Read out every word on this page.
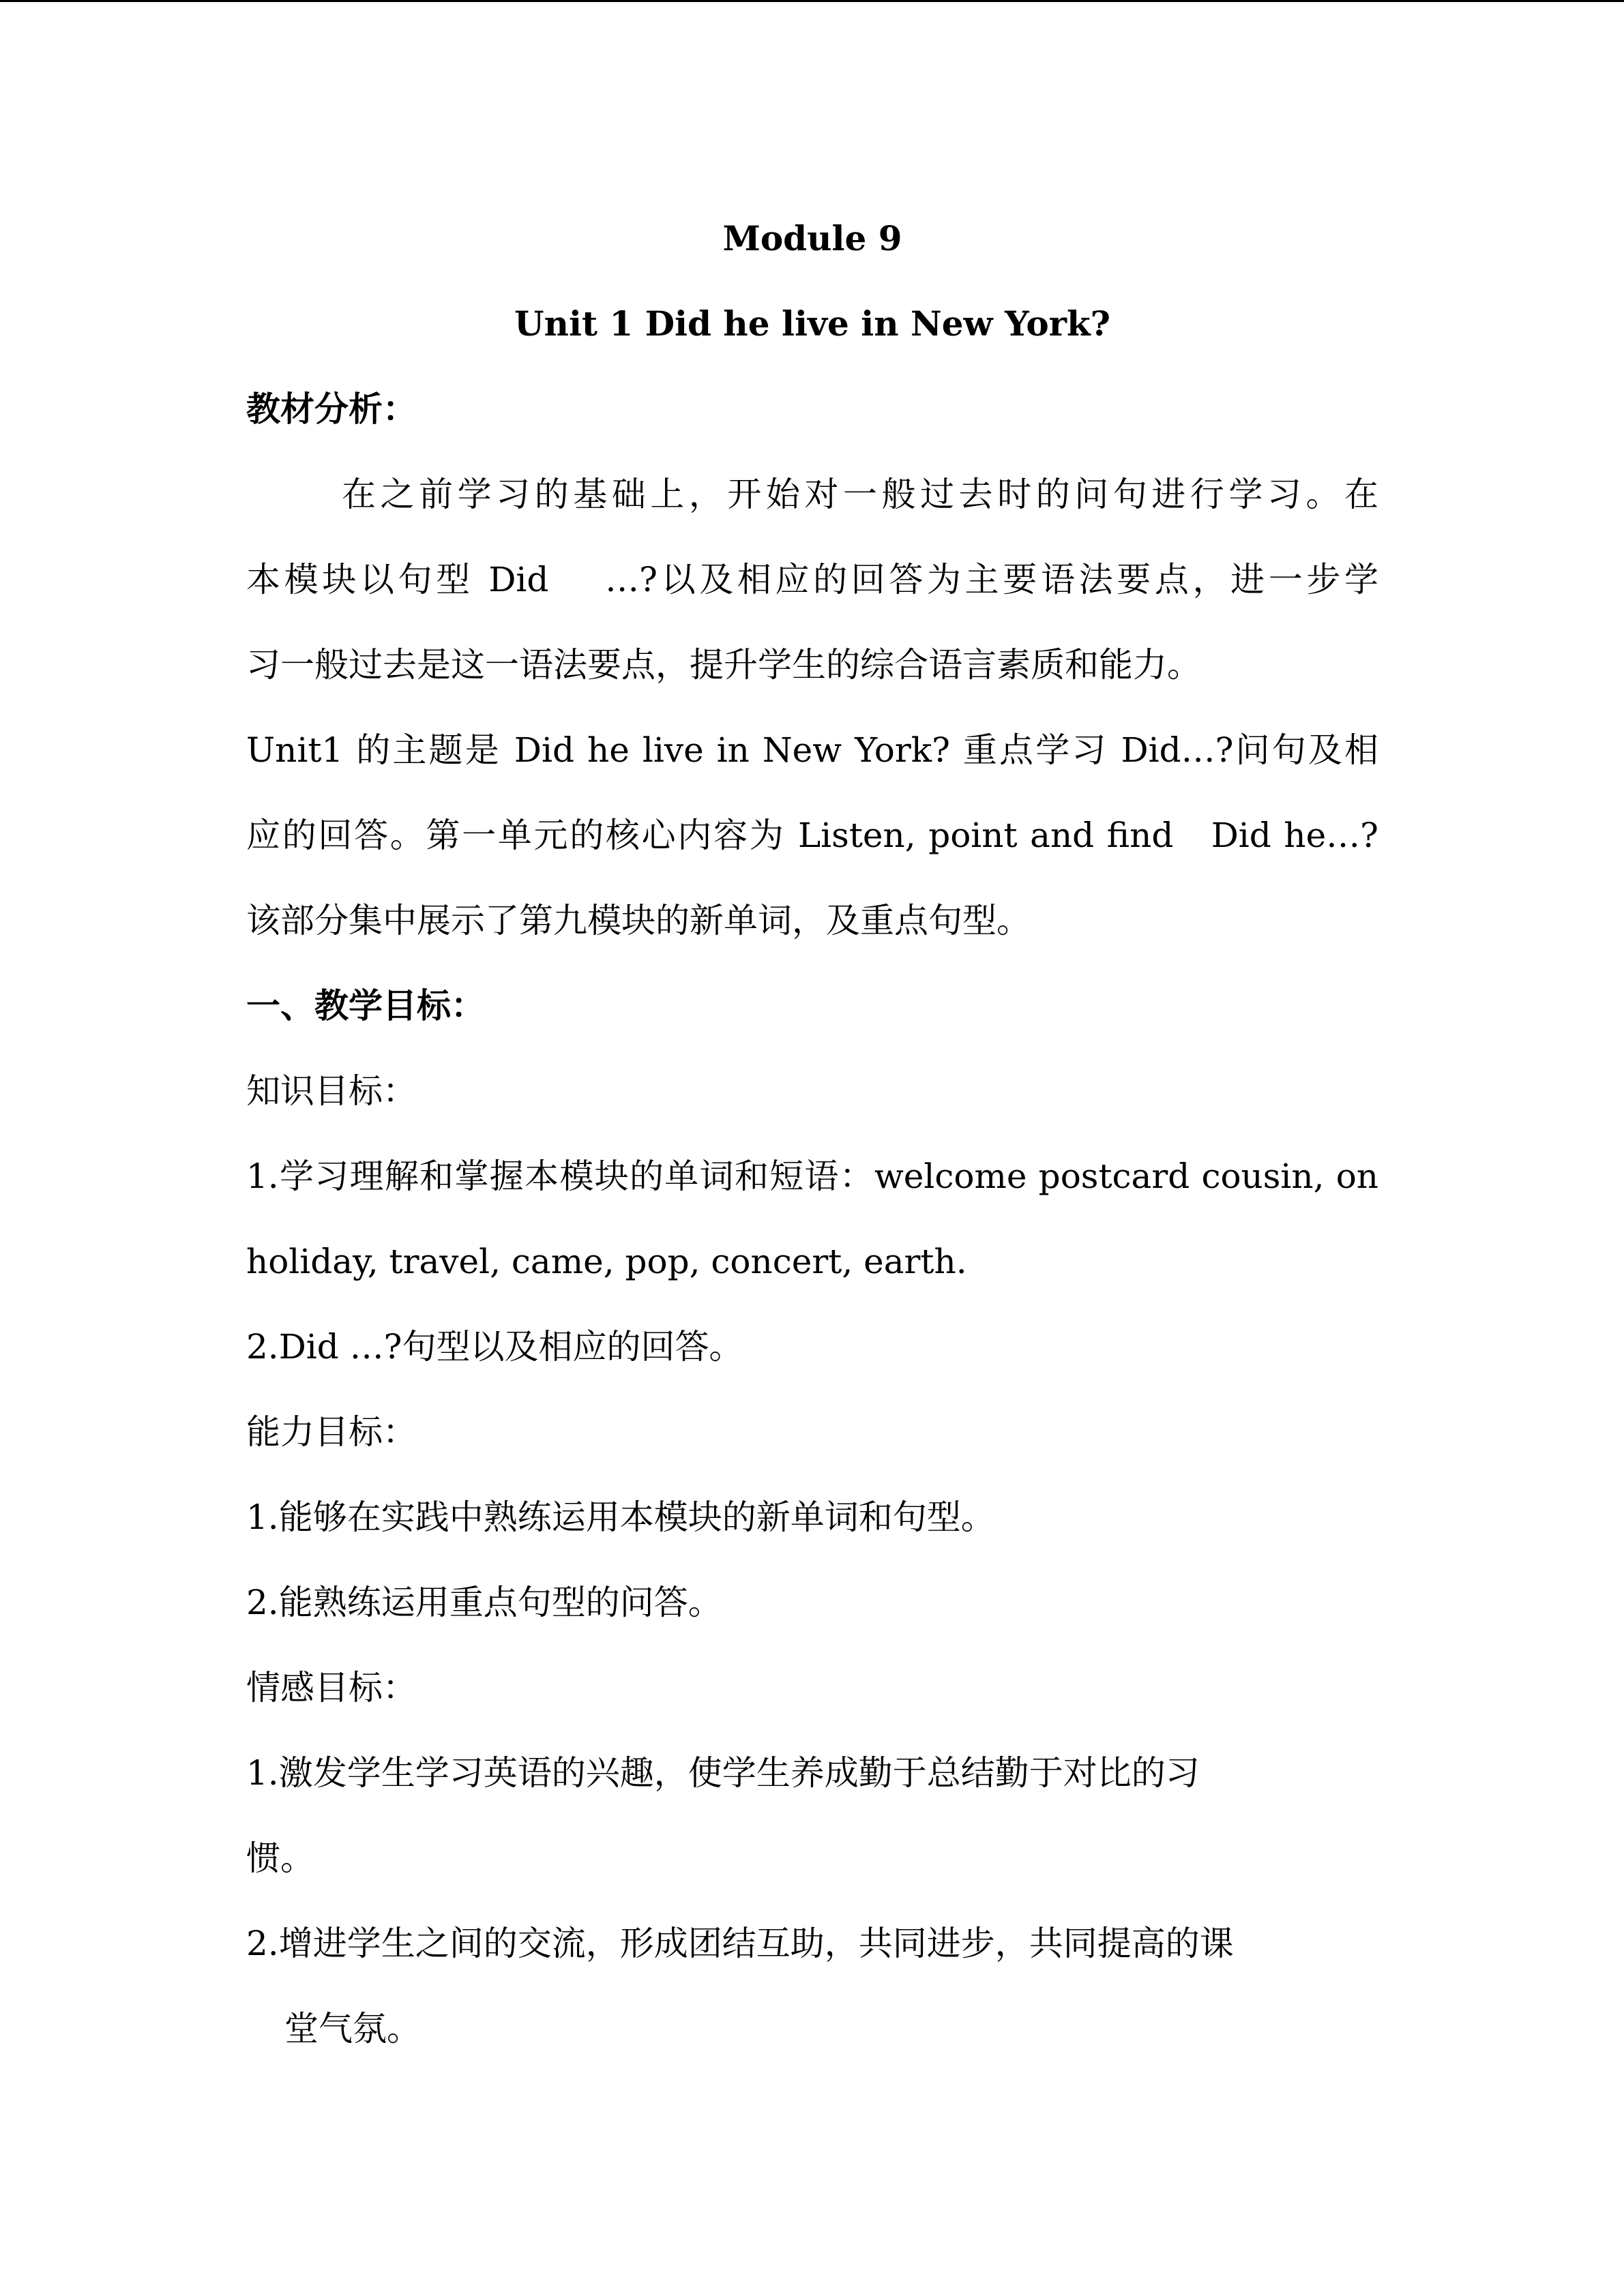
Module 9
Unit 1 Did he live in New York?
教材分析：
在之前学习的基础上，开始对一般过去时的问句进行学习。在
本模块以句型 Did　 …?以及相应的回答为主要语法要点，进一步学
习一般过去是这一语法要点，提升学生的综合语言素质和能力。
Unit1 的主题是 Did he live in New York? 重点学习 Did…?问句及相
应的回答。第一单元的核心内容为 Listen, point and find　Did he…?
该部分集中展示了第九模块的新单词，及重点句型。
一、教学目标：
知识目标：
1.学习理解和掌握本模块的单词和短语：welcome postcard cousin, on
holiday, travel, came, pop, concert, earth.
2.Did …?句型以及相应的回答。
能力目标：
1.能够在实践中熟练运用本模块的新单词和句型。
2.能熟练运用重点句型的问答。
情感目标：
1.激发学生学习英语的兴趣，使学生养成勤于总结勤于对比的习
惯。
2.增进学生之间的交流，形成团结互助，共同进步，共同提高的课
堂气氛。
